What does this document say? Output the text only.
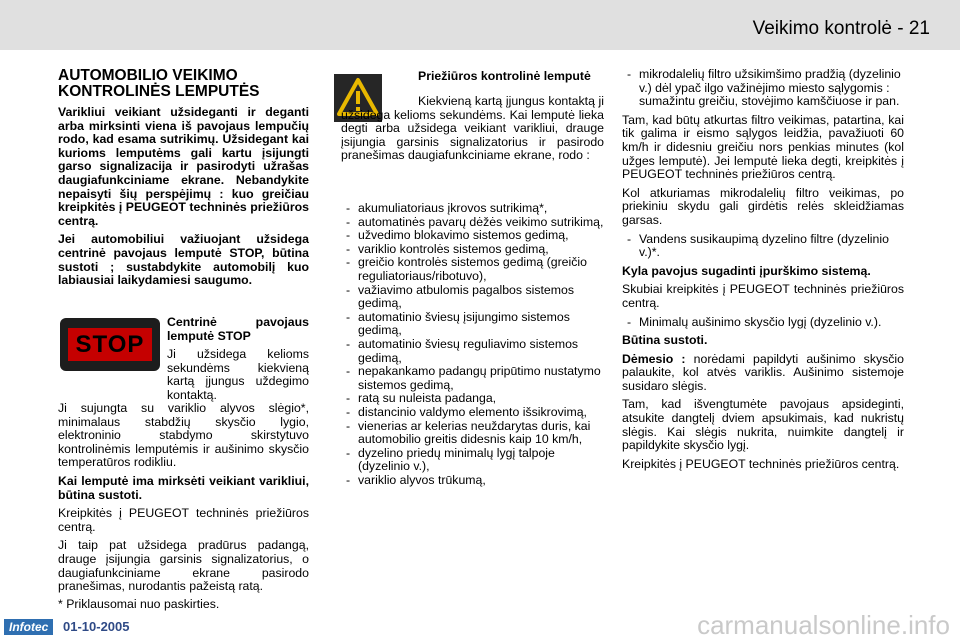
Veikimo kontrolė - 21
AUTOMOBILIO VEIKIMO
KONTROLINĖS LEMPUTĖS

Varikliui veikiant užsideganti ir deganti arba mirksinti viena iš pavojaus lempučių rodo, kad esama sutrikimų. Užsidegant kai kurioms lemputėms gali kartu įsijungti garso signalizacija ir pasirodyti užrašas daugiafunkciniame ekrane. Nebandykite nepaisyti šių perspėjimų : kuo greičiau kreipkitės į PEUGEOT techninės priežiūros centrą.

Jei automobiliui važiuojant užsidega centrinė pavojaus lemputė STOP, būtina sustoti ; sustabdykite automobilį kuo labiausiai laikydamiesi saugumo.

STOP

Centrinė pavojaus lemputė STOP

Ji užsidega kelioms sekundėms kiekvieną kartą įjungus uždegimo kontaktą.

Ji sujungta su variklio alyvos slėgio*, minimalaus stabdžių skysčio lygio, elektroninio stabdymo skirstytuvo kontrolinėmis lemputėmis ir aušinimo skysčio temperatūros rodikliu.

Kai lemputė ima mirksėti veikiant varikliui, būtina sustoti.

Kreipkitės į PEUGEOT techninės priežiūros centrą.

Ji taip pat užsidega pradūrus padangą, drauge įsijungia garsinis signalizatorius, o daugiafunkciniame ekrane pasirodo pranešimas, nurodantis pažeistą ratą.

* Priklausomai nuo paskirties.

Priežiūros kontrolinė lemputė

Kiekvieną kartą įjungus kontaktą ji užsidega kelioms sekundėms. Kai lemputė lieka degti arba užsidega veikiant varikliui, drauge įsijungia garsinis signalizatorius ir pasirodo pranešimas daugiafunkciniame ekrane, rodo :

- akumuliatoriaus įkrovos sutrikimą*,
- automatinės pavarų dėžės veikimo sutrikimą,
- užvedimo blokavimo sistemos gedimą,
- variklio kontrolės sistemos gedimą,
- greičio kontrolės sistemos gedimą (greičio reguliatoriaus/ribotuvo),
- važiavimo atbulomis pagalbos sistemos gedimą,
- automatinio šviesų įsijungimo sistemos gedimą,
- automatinio šviesų reguliavimo sistemos gedimą,
- nepakankamo padangų pripūtimo nustatymo sistemos gedimą,
- ratą su nuleista padanga,
- distancinio valdymo elemento išsikrovimą,
- vienerias ar kelerias neuždarytas duris, kai automobilio greitis didesnis kaip 10 km/h,
- dyzelino priedų minimalų lygį talpoje (dyzelinio v.),
- variklio alyvos trūkumą,
- mikrodalelių filtro užsikimšimo pradžią (dyzelinio v.) dėl ypač ilgo važinėjimo miesto sąlygomis : sumažintu greičiu, stovėjimo kamščiuose ir pan.

Tam, kad būtų atkurtas filtro veikimas, patartina, kai tik galima ir eismo sąlygos leidžia, pavažiuoti 60 km/h ir didesniu greičiu nors penkias minutes (kol užges lemputė). Jei lemputė lieka degti, kreipkitės į PEUGEOT techninės priežiūros centrą.

Kol atkuriamas mikrodalelių filtro veikimas, po priekiniu skydu gali girdėtis relės skleidžiamas garsas.

- Vandens susikaupimą dyzelino filtre (dyzelinio v.)*.

Kyla pavojus sugadinti įpurškimo sistemą.

Skubiai kreipkitės į PEUGEOT techninės priežiūros centrą.

- Minimalų aušinimo skysčio lygį (dyzelinio v.).

Būtina sustoti.

Dėmesio : norėdami papildyti aušinimo skysčio palaukite, kol atvės variklis. Aušinimo sistemoje susidaro slėgis.

Tam, kad išvengtumėte pavojaus apsideginti, atsukite dangtelį dviem apsukimais, kad nukristų slėgis. Kai slėgis nukrita, nuimkite dangtelį ir papildykite skysčio lygį.

Kreipkitės į PEUGEOT techninės priežiūros centrą.

Infotec	01-10-2005	carmanualsonline.info
